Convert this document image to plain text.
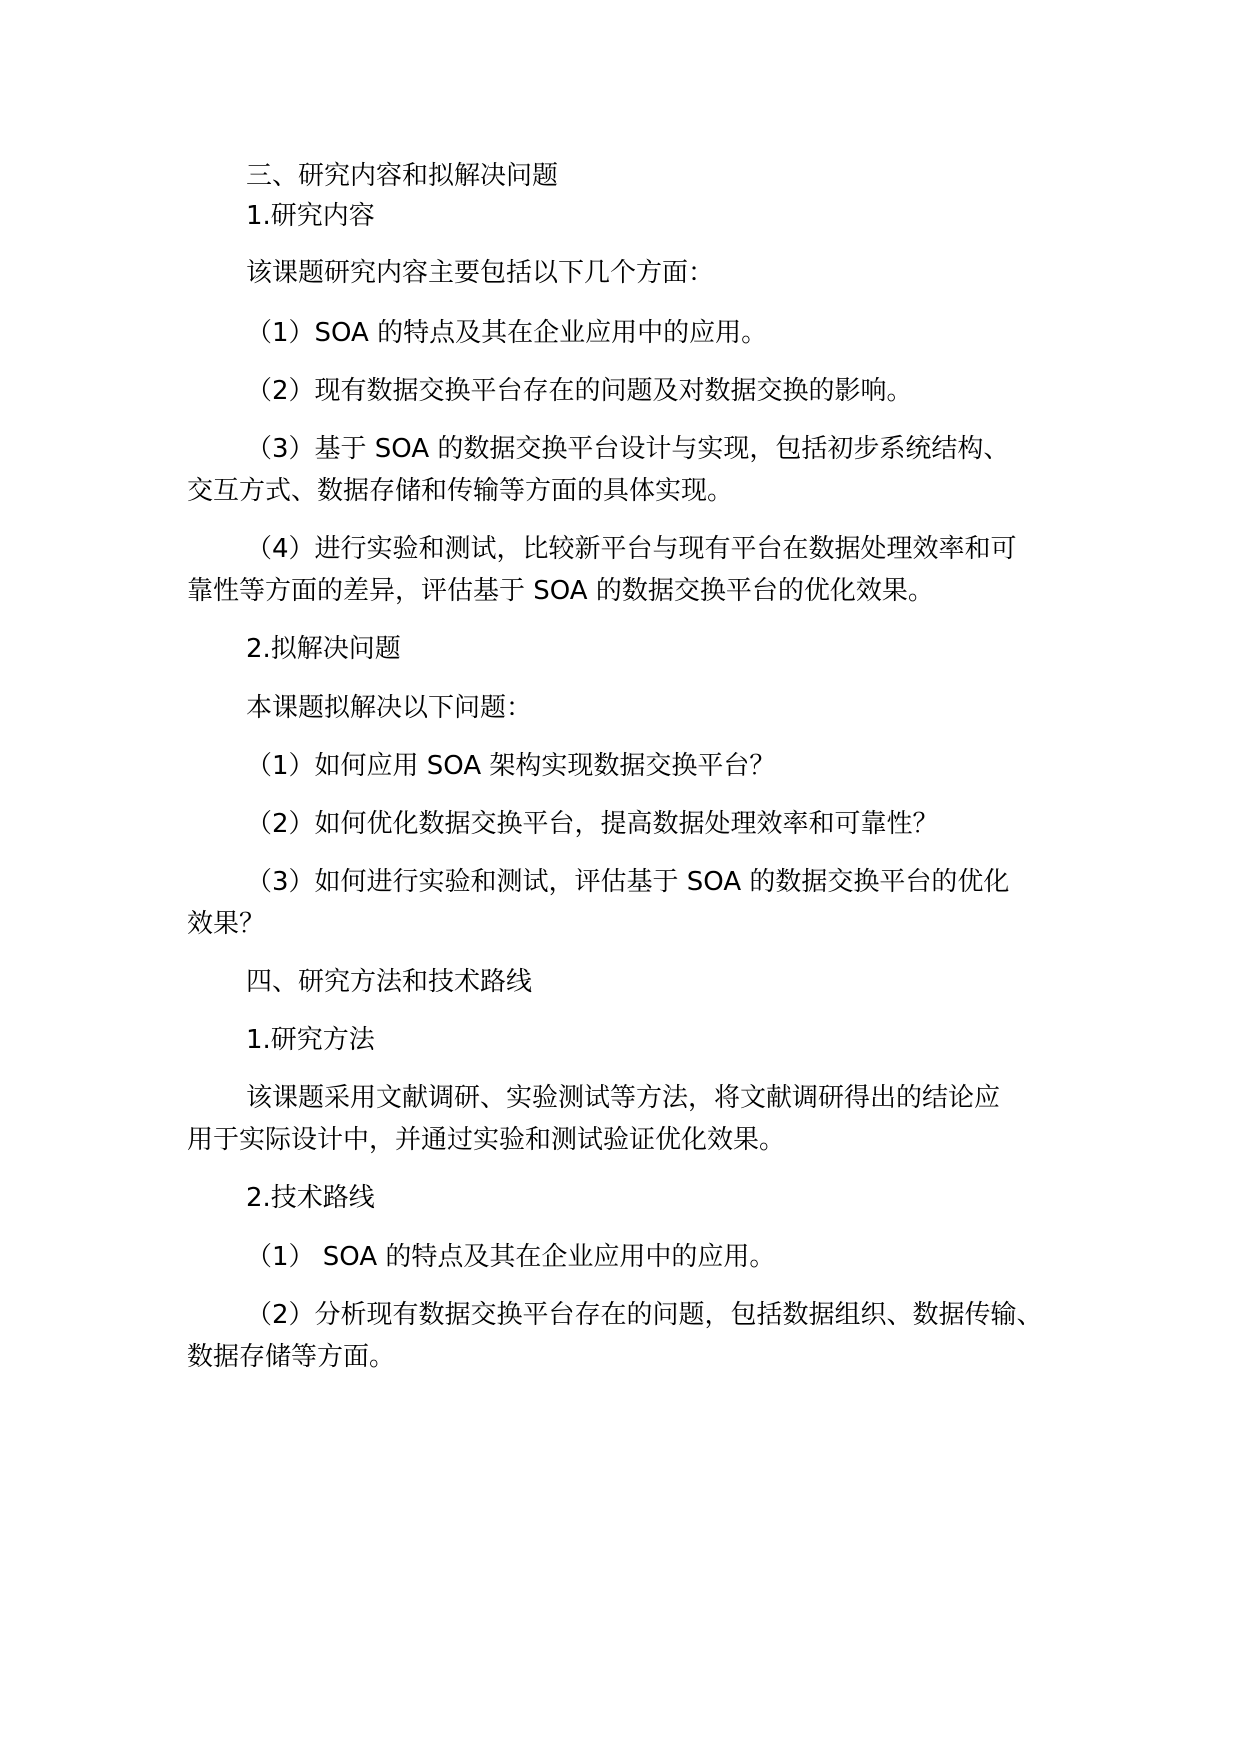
三、研究内容和拟解决问题
1.研究内容
该课题研究内容主要包括以下几个方面：
（1）SOA 的特点及其在企业应用中的应用。
（2）现有数据交换平台存在的问题及对数据交换的影响。
（3）基于 SOA 的数据交换平台设计与实现，包括初步系统结构、
交互方式、数据存储和传输等方面的具体实现。
（4）进行实验和测试，比较新平台与现有平台在数据处理效率和可
靠性等方面的差异，评估基于 SOA 的数据交换平台的优化效果。
2.拟解决问题
本课题拟解决以下问题：
（1）如何应用 SOA 架构实现数据交换平台？
（2）如何优化数据交换平台，提高数据处理效率和可靠性？
（3）如何进行实验和测试，评估基于 SOA 的数据交换平台的优化
效果？
四、研究方法和技术路线
1.研究方法
该课题采用文献调研、实验测试等方法，将文献调研得出的结论应
用于实际设计中，并通过实验和测试验证优化效果。
2.技术路线
（1） SOA 的特点及其在企业应用中的应用。
（2）分析现有数据交换平台存在的问题，包括数据组织、数据传输、
数据存储等方面。
